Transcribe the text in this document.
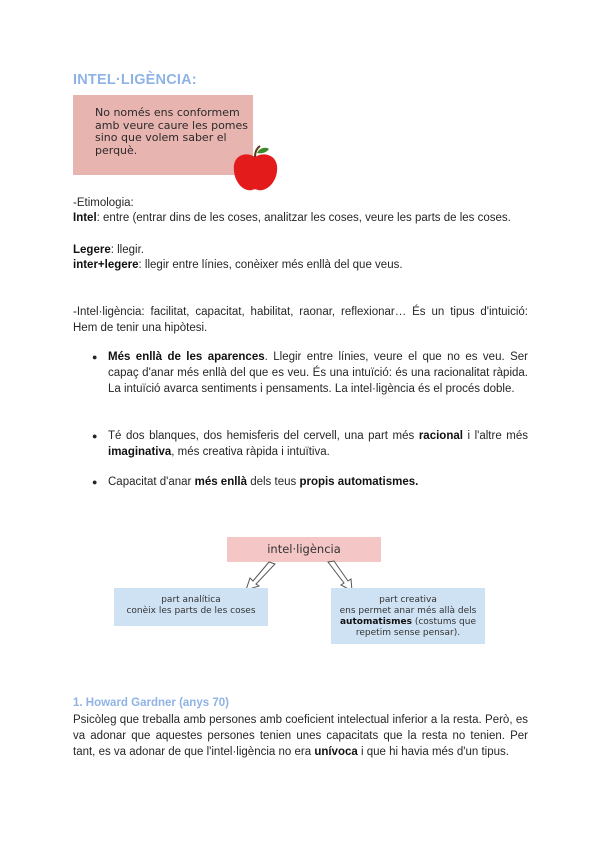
INTEL·LIGÈNCIA:
No només ens conformem amb veure caure les pomes sino que volem saber el perquè.
-Etimologia:
Intel: entre (entrar dins de les coses, analitzar les coses, veure les parts de les coses.
Legere: llegir.
inter+legere: llegir entre línies, conèixer més enllà del que veus.
-Intel·ligència: facilitat, capacitat, habilitat, raonar, reflexionar… És un tipus d'intuició: Hem de tenir una hipòtesi.
● Més enllà de les aparences. Llegir entre línies, veure el que no es veu. Ser capaç d'anar més enllà del que es veu. És una intuïció: és una racionalitat ràpida. La intuïció avarca sentiments i pensaments. La intel·ligència és el procés doble.
● Té dos blanques, dos hemisferis del cervell, una part més racional i l'altre més imaginativa, més creativa ràpida i intuïtiva.
● Capacitat d'anar més enllà dels teus propis automatismes.
intel·ligència
part analítica
conèix les parts de les coses
part creativa
ens permet anar més allà dels
automatismes (costums que
repetim sense pensar).
1. Howard Gardner (anys 70)
Psicòleg que treballa amb persones amb coeficient intelectual inferior a la resta. Però, es va adonar que aquestes persones tenien unes capacitats que la resta no tenien. Per tant, es va adonar de que l'intel·ligència no era unívoca i que hi havia més d'un tipus.
